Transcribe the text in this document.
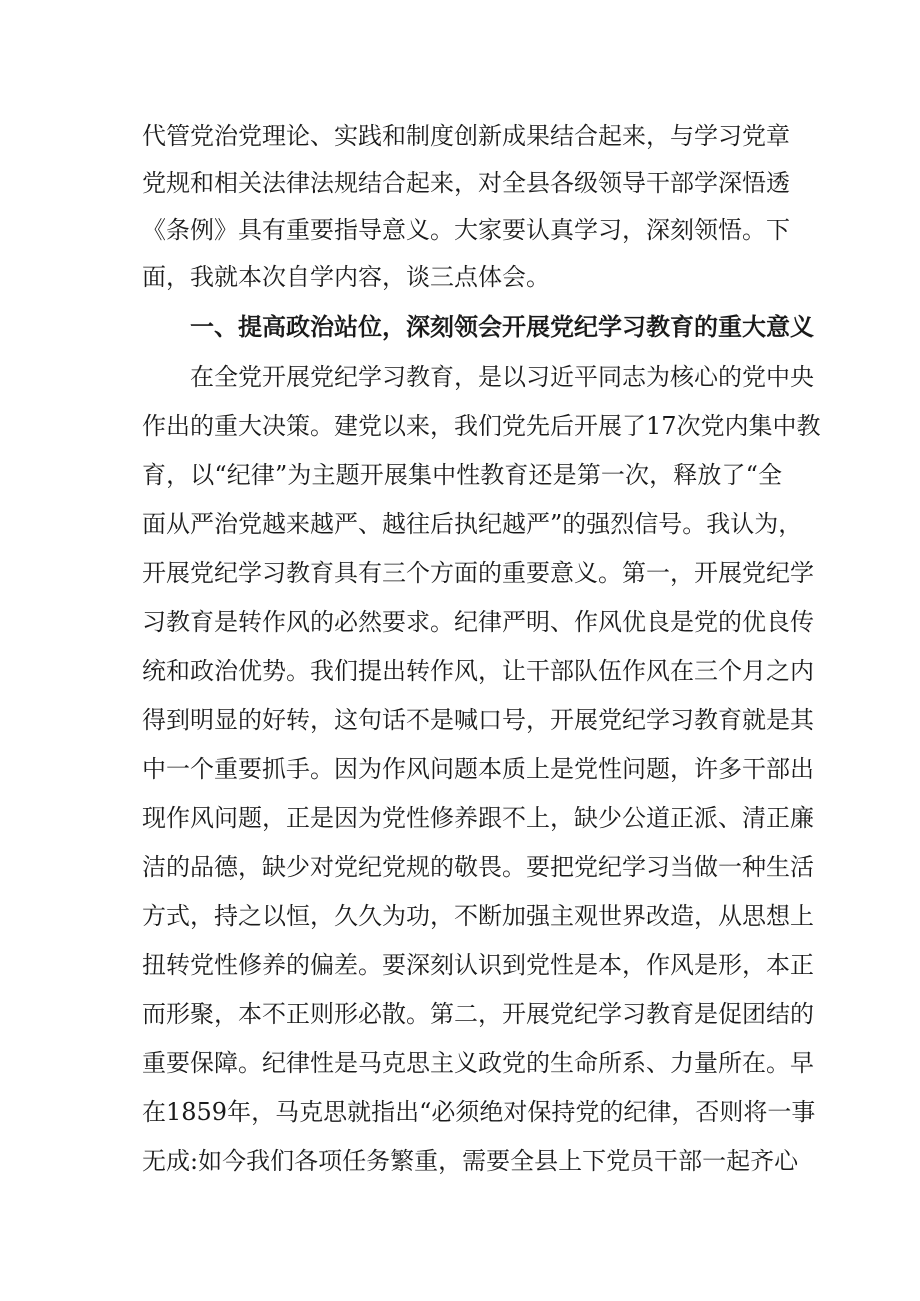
代管党治党理论、实践和制度创新成果结合起来，与学习党章
党规和相关法律法规结合起来，对全县各级领导干部学深悟透
《条例》具有重要指导意义。大家要认真学习，深刻领悟。下
面，我就本次自学内容，谈三点体会。
一、提高政治站位，深刻领会开展党纪学习教育的重大意义
在全党开展党纪学习教育，是以习近平同志为核心的党中央
作出的重大决策。建党以来，我们党先后开展了17次党内集中教
育，以“纪律”为主题开展集中性教育还是第一次，释放了“全
面从严治党越来越严、越往后执纪越严”的强烈信号。我认为，
开展党纪学习教育具有三个方面的重要意义。第一，开展党纪学
习教育是转作风的必然要求。纪律严明、作风优良是党的优良传
统和政治优势。我们提出转作风，让干部队伍作风在三个月之内
得到明显的好转，这句话不是喊口号，开展党纪学习教育就是其
中一个重要抓手。因为作风问题本质上是党性问题，许多干部出
现作风问题，正是因为党性修养跟不上，缺少公道正派、清正廉
洁的品德，缺少对党纪党规的敬畏。要把党纪学习当做一种生活
方式，持之以恒，久久为功，不断加强主观世界改造，从思想上
扭转党性修养的偏差。要深刻认识到党性是本，作风是形，本正
而形聚，本不正则形必散。第二，开展党纪学习教育是促团结的
重要保障。纪律性是马克思主义政党的生命所系、力量所在。早
在1859年，马克思就指出“必须绝对保持党的纪律，否则将一事
无成:如今我们各项任务繁重，需要全县上下党员干部一起齐心
